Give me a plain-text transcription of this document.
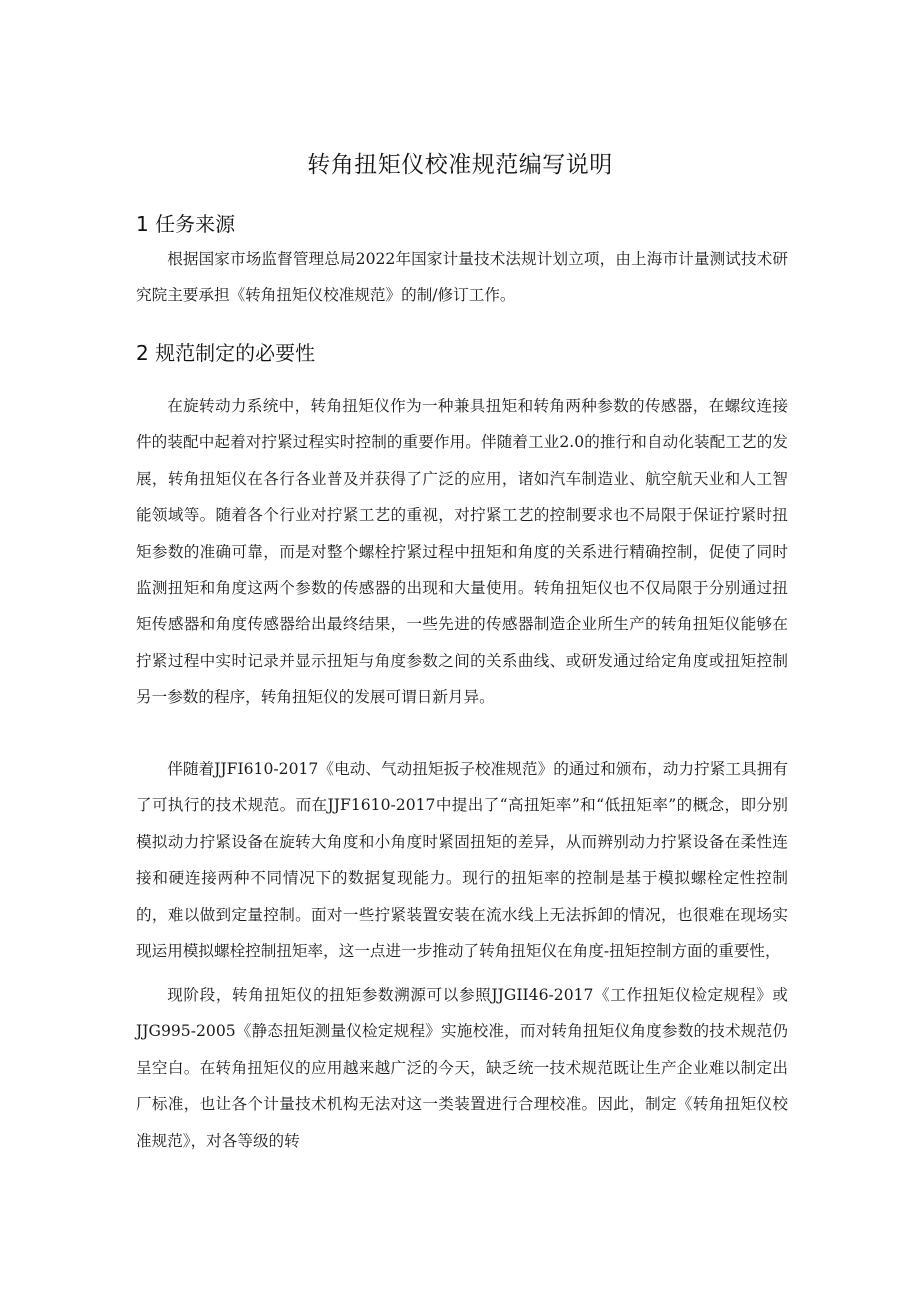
转角扭矩仪校准规范编写说明
1 任务来源
根据国家市场监督管理总局2022年国家计量技术法规计划立项，由上海市计量测试技术研究院主要承担《转角扭矩仪校准规范》的制/修订工作。
2 规范制定的必要性
在旋转动力系统中，转角扭矩仪作为一种兼具扭矩和转角两种参数的传感器，在螺纹连接件的装配中起着对拧紧过程实时控制的重要作用。伴随着工业2.0的推行和自动化装配工艺的发展，转角扭矩仪在各行各业普及并获得了广泛的应用，诸如汽车制造业、航空航天业和人工智能领域等。随着各个行业对拧紧工艺的重视，对拧紧工艺的控制要求也不局限于保证拧紧时扭矩参数的准确可靠，而是对整个螺栓拧紧过程中扭矩和角度的关系进行精确控制，促使了同时监测扭矩和角度这两个参数的传感器的出现和大量使用。转角扭矩仪也不仅局限于分别通过扭矩传感器和角度传感器给出最终结果，一些先进的传感器制造企业所生产的转角扭矩仪能够在拧紧过程中实时记录并显示扭矩与角度参数之间的关系曲线、或研发通过给定角度或扭矩控制另一参数的程序，转角扭矩仪的发展可谓日新月异。
伴随着JJFI610-2017《电动、气动扭矩扳子校准规范》的通过和颁布，动力拧紧工具拥有了可执行的技术规范。而在JJF1610-2017中提出了“高扭矩率”和“低扭矩率”的概念，即分别模拟动力拧紧设备在旋转大角度和小角度时紧固扭矩的差异，从而辨别动力拧紧设备在柔性连接和硬连接两种不同情况下的数据复现能力。现行的扭矩率的控制是基于模拟螺栓定性控制的，难以做到定量控制。面对一些拧紧装置安装在流水线上无法拆卸的情况，也很难在现场实现运用模拟螺栓控制扭矩率，这一点进一步推动了转角扭矩仪在角度-扭矩控制方面的重要性，
现阶段，转角扭矩仪的扭矩参数溯源可以参照JJGII46-2017《工作扭矩仪检定规程》或JJG995-2005《静态扭矩测量仪检定规程》实施校准，而对转角扭矩仪角度参数的技术规范仍呈空白。在转角扭矩仪的应用越来越广泛的今天，缺乏统一技术规范既让生产企业难以制定出厂标准，也让各个计量技术机构无法对这一类装置进行合理校准。因此，制定《转角扭矩仪校准规范》，对各等级的转
